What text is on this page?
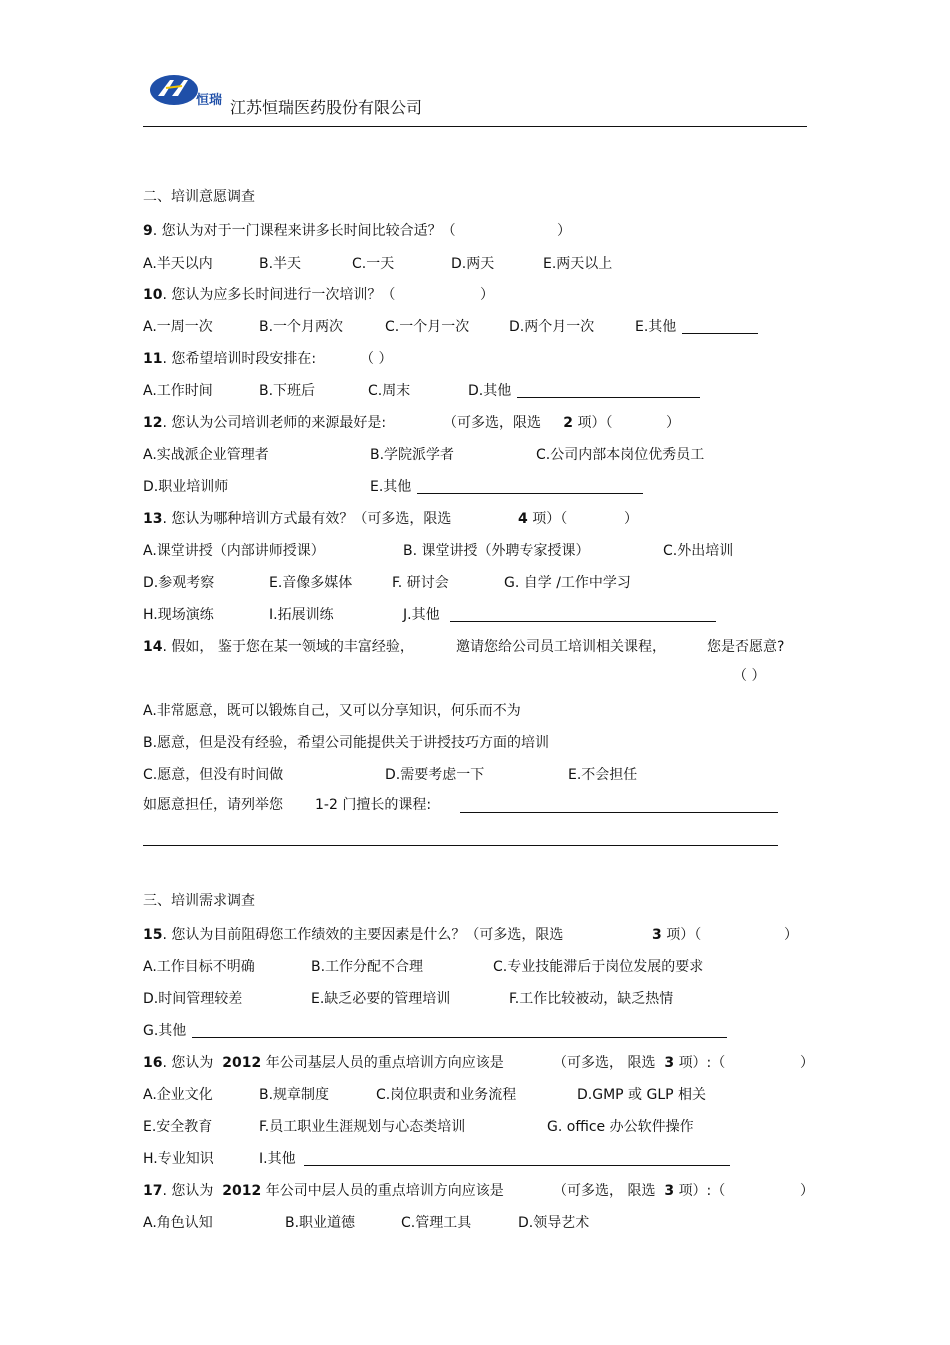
恒瑞 江苏恒瑞医药股份有限公司
二、培训意愿调查
9. 您认为对于一门课程来讲多长时间比较合适？（	）
A.半天以内	B.半天	C.一天	D.两天	E.两天以上
10. 您认为应多长时间进行一次培训？（	）
A.一周一次	B.一个月两次	C.一个月一次	D.两个月一次	E.其他
11. 您希望培训时段安排在:	（ ）
A.工作时间	B.下班后	C.周末	D.其他
12. 您认为公司培训老师的来源最好是:	（可多选，限选 2 项）（	）
A.实战派企业管理者	B.学院派学者	C.公司内部本岗位优秀员工
D.职业培训师	E.其他
13. 您认为哪种培训方式最有效？（可多选，限选	4 项）（	）
A.课堂讲授（内部讲师授课）	B. 课堂讲授（外聘专家授课）	C.外出培训
D.参观考察	E.音像多媒体	F. 研讨会	G. 自学 /工作中学习
H.现场演练	I.拓展训练	J.其他
14. 假如， 鉴于您在某一领域的丰富经验，	邀请您给公司员工培训相关课程，	您是否愿意?
（ ）
A.非常愿意，既可以锻炼自己，又可以分享知识，何乐而不为
B.愿意，但是没有经验，希望公司能提供关于讲授技巧方面的培训
C.愿意，但没有时间做	D.需要考虑一下	E.不会担任
如愿意担任，请列举您 1-2 门擅长的课程:
三、培训需求调查
15. 您认为目前阻碍您工作绩效的主要因素是什么？（可多选，限选	3 项）（	）
A.工作目标不明确	B.工作分配不合理	C.专业技能滞后于岗位发展的要求
D.时间管理较差	E.缺乏必要的管理培训	F.工作比较被动，缺乏热情
G.其他
16. 您认为 2012 年公司基层人员的重点培训方向应该是	（可多选， 限选 3 项）:（	）
A.企业文化	B.规章制度	C.岗位职责和业务流程	D.GMP 或 GLP 相关
E.安全教育	F.员工职业生涯规划与心态类培训	G. office 办公软件操作
H.专业知识	I.其他
17. 您认为 2012 年公司中层人员的重点培训方向应该是	（可多选， 限选 3 项）:（	）
A.角色认知	B.职业道德	C.管理工具	D.领导艺术
